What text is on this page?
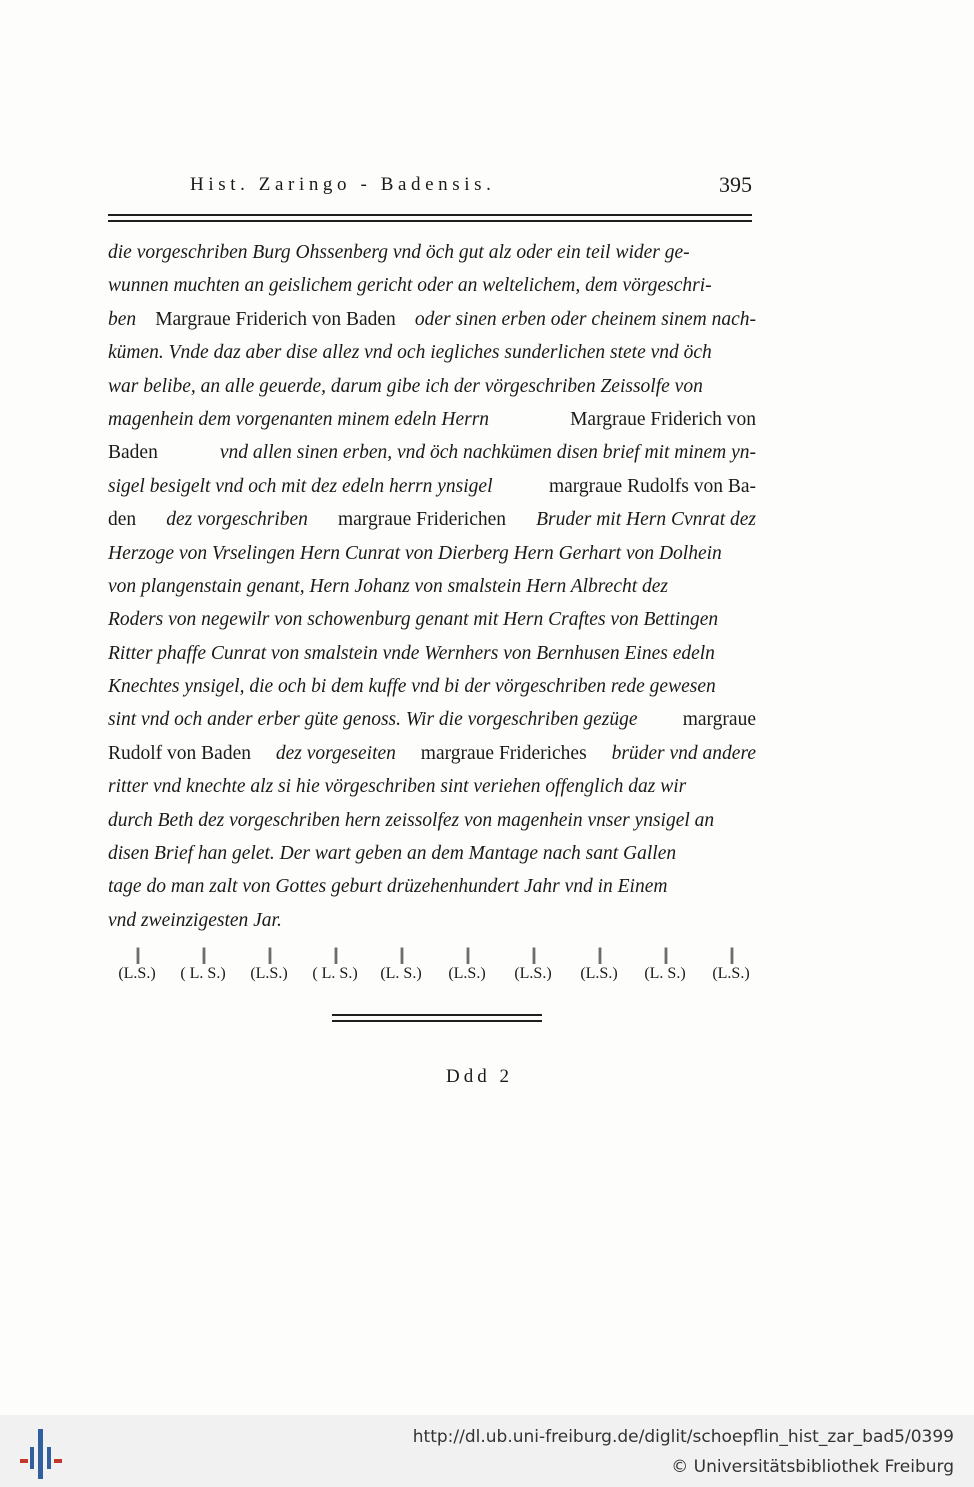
Hist. Zaringo - Badensis.	395
die vorgeschriben Burg Ohssenberg vnd öch gut alz oder ein teil wider ge-
wunnen muchten an geislichem gericht oder an weltelichem, dem vörgeschri-
ben Margraue Friderich von Baden oder sinen erben oder cheinem sinem nach-
kümen. Vnde daz aber dise allez vnd och iegliches sunderlichen stete vnd öch
war belibe, an alle geuerde, darum gibe ich der vörgeschriben Zeissolfe von
magenhein dem vorgenanten minem edeln Herrn	Margraue Friderich von
Baden	vnd allen sinen erben, vnd öch nachkümen disen brief mit minem yn-
sigel besigelt vnd och mit dez edeln herrn ynsigel	margraue Rudolfs von Ba-
den dez vorgeschriben margraue Friderichen Bruder mit Hern Cvnrat dez
Herzoge von Vrselingen Hern Cunrat von Dierberg Hern Gerhart von Dolhein
von plangenstain genant, Hern Johanz von smalstein Hern Albrecht dez
Roders von negewilr von schowenburg genant mit Hern Craftes von Bettingen
Ritter phaffe Cunrat von smalstein vnde Wernhers von Bernhusen Eines edeln
Knechtes ynsigel, die och bi dem kuffe vnd bi der vörgeschriben rede gewesen
sint vnd och ander erber güte genoss. Wir die vorgeschriben gezüge margraue
Rudolf von Baden dez vorgeseiten margraue Frideriches brüder vnd andere
ritter vnd knechte alz si hie vörgeschriben sint veriehen offenglich daz wir
durch Beth dez vorgeschriben hern zeissolfez von magenhein vnser ynsigel an
disen Brief han gelet. Der wart geben an dem Mantage nach sant Gallen
tage do man zalt von Gottes geburt drüzehenhundert Jahr vnd in Einem
vnd zweinzigesten Jar.
||
(L.S.)
||
( L. S.)
||
(L.S.)
||
( L. S.)
||
(L. S.)
||
(L.S.)
||
(L.S.)
||
(L.S.)
||
(L. S.)
||
(L.S.)
Ddd 2
http://dl.ub.uni-freiburg.de/diglit/schoepflin_hist_zar_bad5/0399
© Universitätsbibliothek Freiburg
